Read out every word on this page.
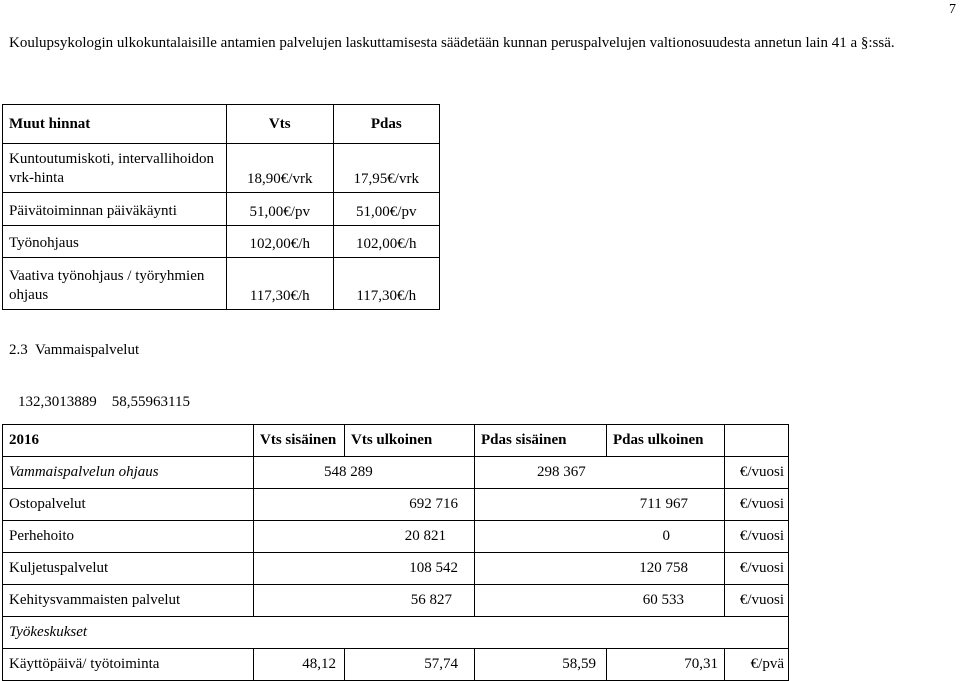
7
Koulupsykologin ulkokuntalaisille antamien palvelujen laskuttamisesta säädetään kunnan peruspalvelujen valtionosuudesta annetun lain 41 a §:ssä.
Muut hinnat	Vts	Pdas
Kuntoutumiskoti, intervallihoidon vrk-hinta	18,90€/vrk	17,95€/vrk
Päivätoiminnan päiväkäynti	51,00€/pv	51,00€/pv
Työnohjaus	102,00€/h	102,00€/h
Vaativa työnohjaus / työryhmien ohjaus	117,30€/h	117,30€/h
2.3  Vammaispalvelut
132,3013889    58,55963115
2016	Vts sisäinen	Vts ulkoinen	Pdas sisäinen	Pdas ulkoinen	
Vammaispalvelun ohjaus	548 289		298 367		€/vuosi
Ostopalvelut	692 716		711 967		€/vuosi
Perhehoito	20 821		0		€/vuosi
Kuljetuspalvelut	108 542		120 758		€/vuosi
Kehitysvammaisten palvelut	56 827		60 533		€/vuosi
Työkeskukset					
Käyttöpäivä/ työtoiminta	48,12	57,74	58,59	70,31	€/pvä
